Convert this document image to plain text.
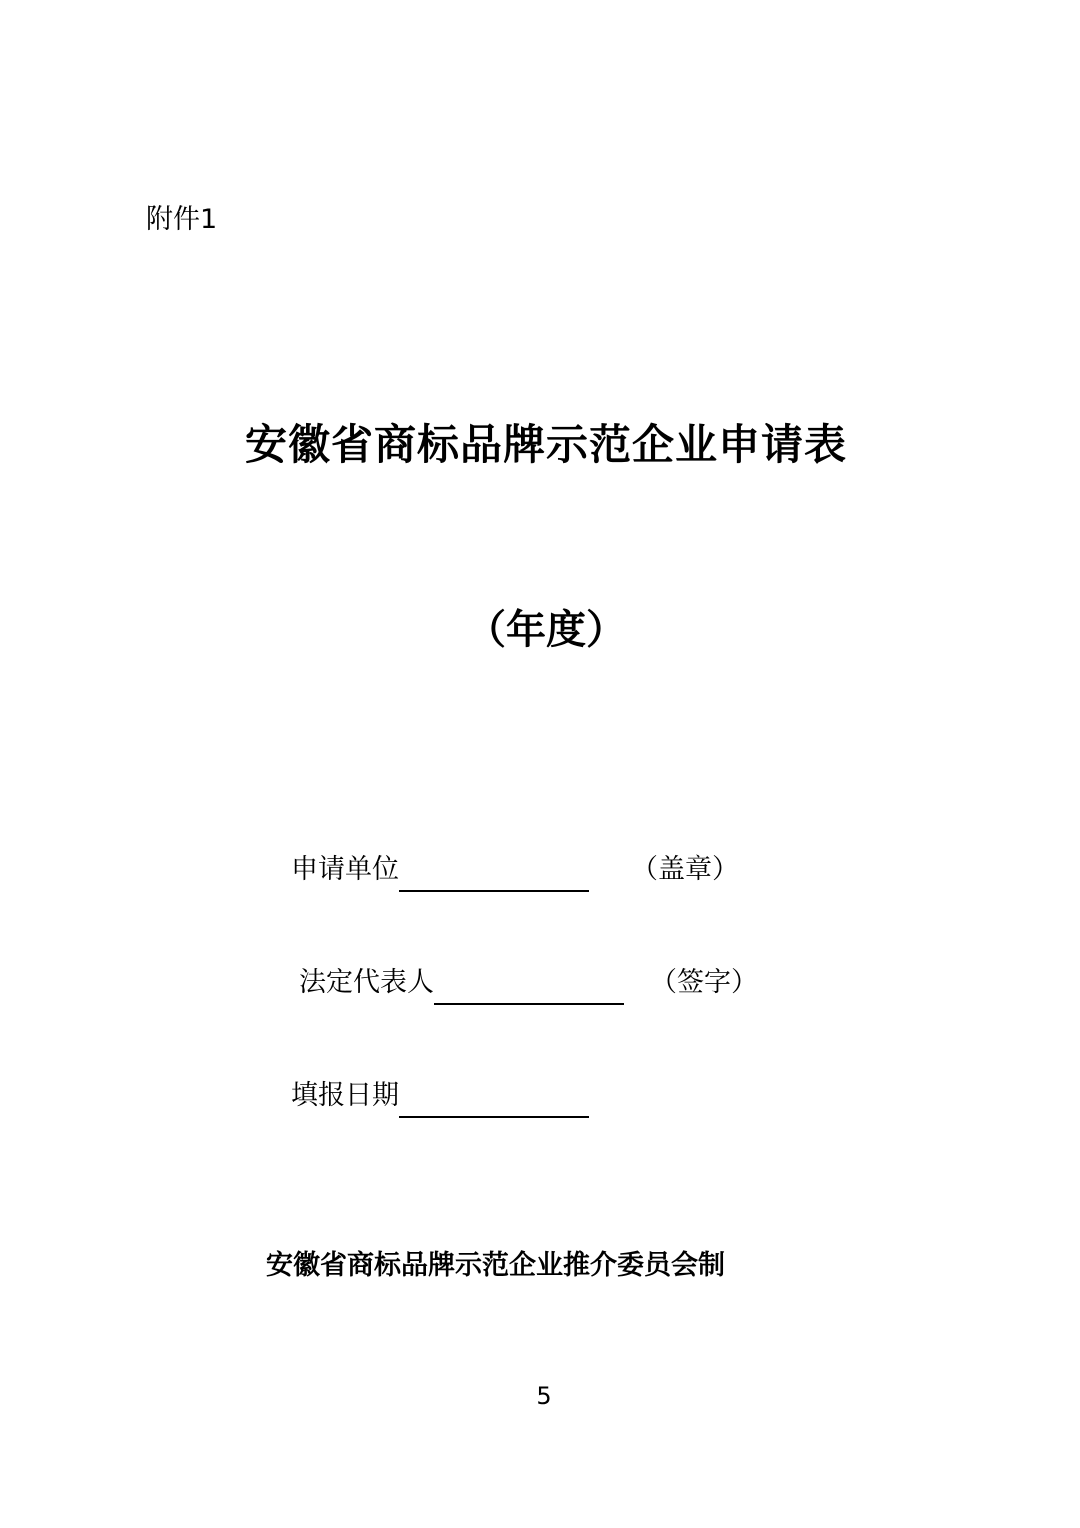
附件1
安徽省商标品牌示范企业申请表
（年度）
申请单位	（盖章）
法定代表人	（签字）
填报日期
安徽省商标品牌示范企业推介委员会制
5
